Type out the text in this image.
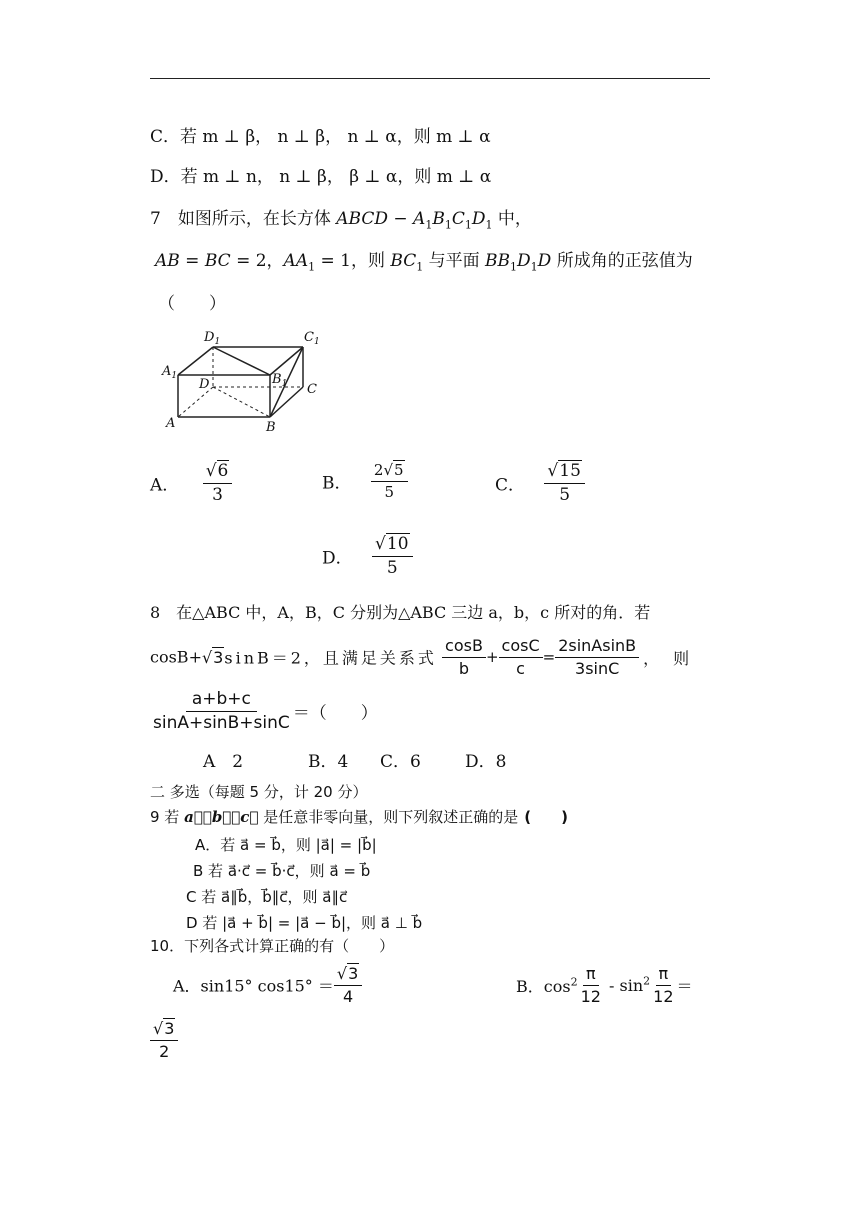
C．若 m ⊥ β， n ⊥ β， n ⊥ α，则 m ⊥ α
D．若 m ⊥ n， n ⊥ β， β ⊥ α，则 m ⊥ α
7　如图所示，在长方体 ABCD − $A_1B_1C_1D_1$ 中，
AB = BC = 2，$AA_1 = 1$，则 $BC_1$ 与平面 $BB_1D_1D$ 所成角的正弦值为
（　　）
$D_1$	$C_1$
$A_1$
D	$B_1$ C
A	B
A． $\frac{√6}{3}$	B． $\frac{2√5}{5}$	C． $\frac{√15}{5}$
D． $\frac{√10}{5}$
8　在△ABC 中，A，B，C 分别为△ABC 三边 a，b，c 所对的角．若
cosB+√3sinB＝2，且满足关系式 $\frac{\cos B}{b} + \frac{\cos C}{c} = \frac{\text{2sinAsinB}}{3\sin C}$ ，则
$\frac{a+b+c}{\sin A+\sin B+\sin C}$ ＝（　　）
A　2	B．4 C．6	D．8
二 多选（每题 5 分，计 20 分）
9 若 a⃗，b⃗，c⃗ 是任意非零向量，则下列叙述正确的是 (　　)
A．若 a⃗ = b⃗，则 |a⃗| = |b⃗|
B 若 a⃗·c⃗ = b⃗·c⃗，则 a⃗ = b⃗
C 若 a⃗∥b⃗，b⃗∥c⃗，则 a⃗∥c⃗
D 若 |a⃗ + b⃗| = |a⃗ − b⃗|，则 a⃗ ⊥ b⃗
10．下列各式计算正确的有（　　）
A．sin15° $\cos 15^\circ = \frac{√3}{4}$	B．$\cos^2 \frac{\pi}{12} - \sin^2 \frac{\pi}{12}$ ＝
$\frac{√3}{2}$
